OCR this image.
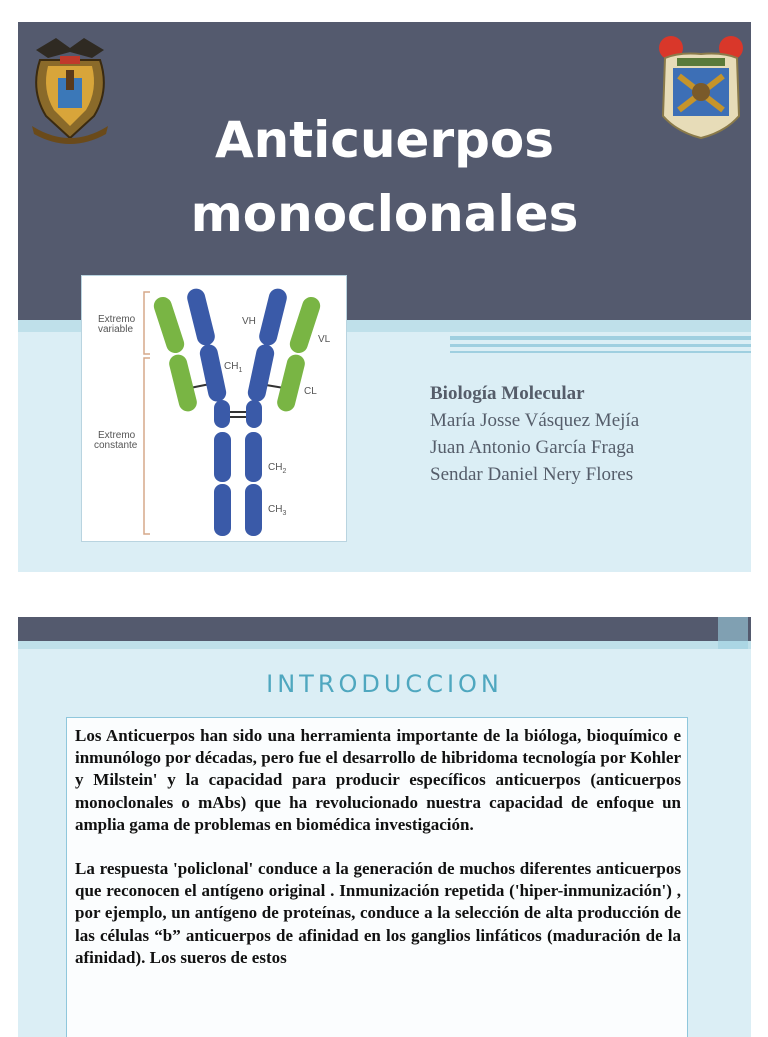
Anticuerpos
monoclonales
Extremo
variable
Extremo
constante
VH
VL
$CH_1$
CL
$CH_2$
$CH_3$
Biología Molecular
María Josse Vásquez Mejía
Juan Antonio García Fraga
Sendar Daniel Nery Flores
INTRODUCCION

Los Anticuerpos han sido una herramienta importante de la bióloga, bioquímico e inmunólogo por décadas, pero fue el desarrollo de hibridoma tecnología por Kohler y Milstein' y la capacidad para producir específicos anticuerpos (anticuerpos monoclonales o mAbs) que ha revolucionado nuestra capacidad de enfoque un amplia gama de problemas en biomédica investigación.

La respuesta 'policlonal' conduce a la generación de muchos diferentes anticuerpos que reconocen el antígeno original . Inmunización repetida ('hiper-inmunización') , por ejemplo, un antígeno de proteínas, conduce a la selección de alta producción de las células “b” anticuerpos de afinidad en los ganglios linfáticos (maduración de la afinidad). Los sueros de estos
